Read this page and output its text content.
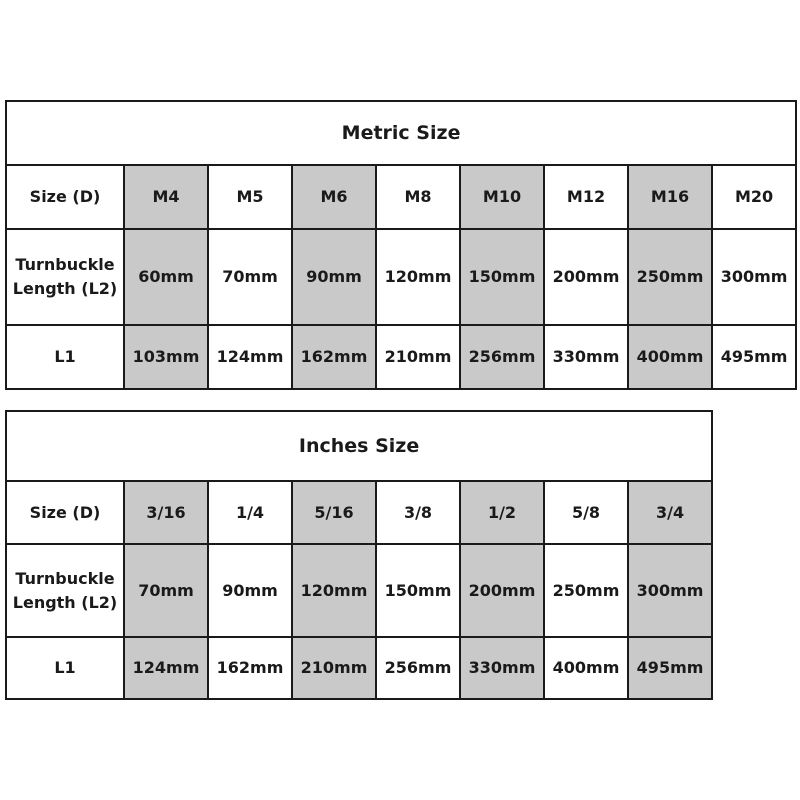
Metric Size								
Size (D)	M4	M5	M6	M8	M10	M12	M16	M20
Turnbuckle
Length (L2)	60mm	70mm	90mm	120mm	150mm	200mm	250mm	300mm
L1	103mm	124mm	162mm	210mm	256mm	330mm	400mm	495mm
Inches Size							
Size (D)	3/16	1/4	5/16	3/8	1/2	5/8	3/4
Turnbuckle
Length (L2)	70mm	90mm	120mm	150mm	200mm	250mm	300mm
L1	124mm	162mm	210mm	256mm	330mm	400mm	495mm
